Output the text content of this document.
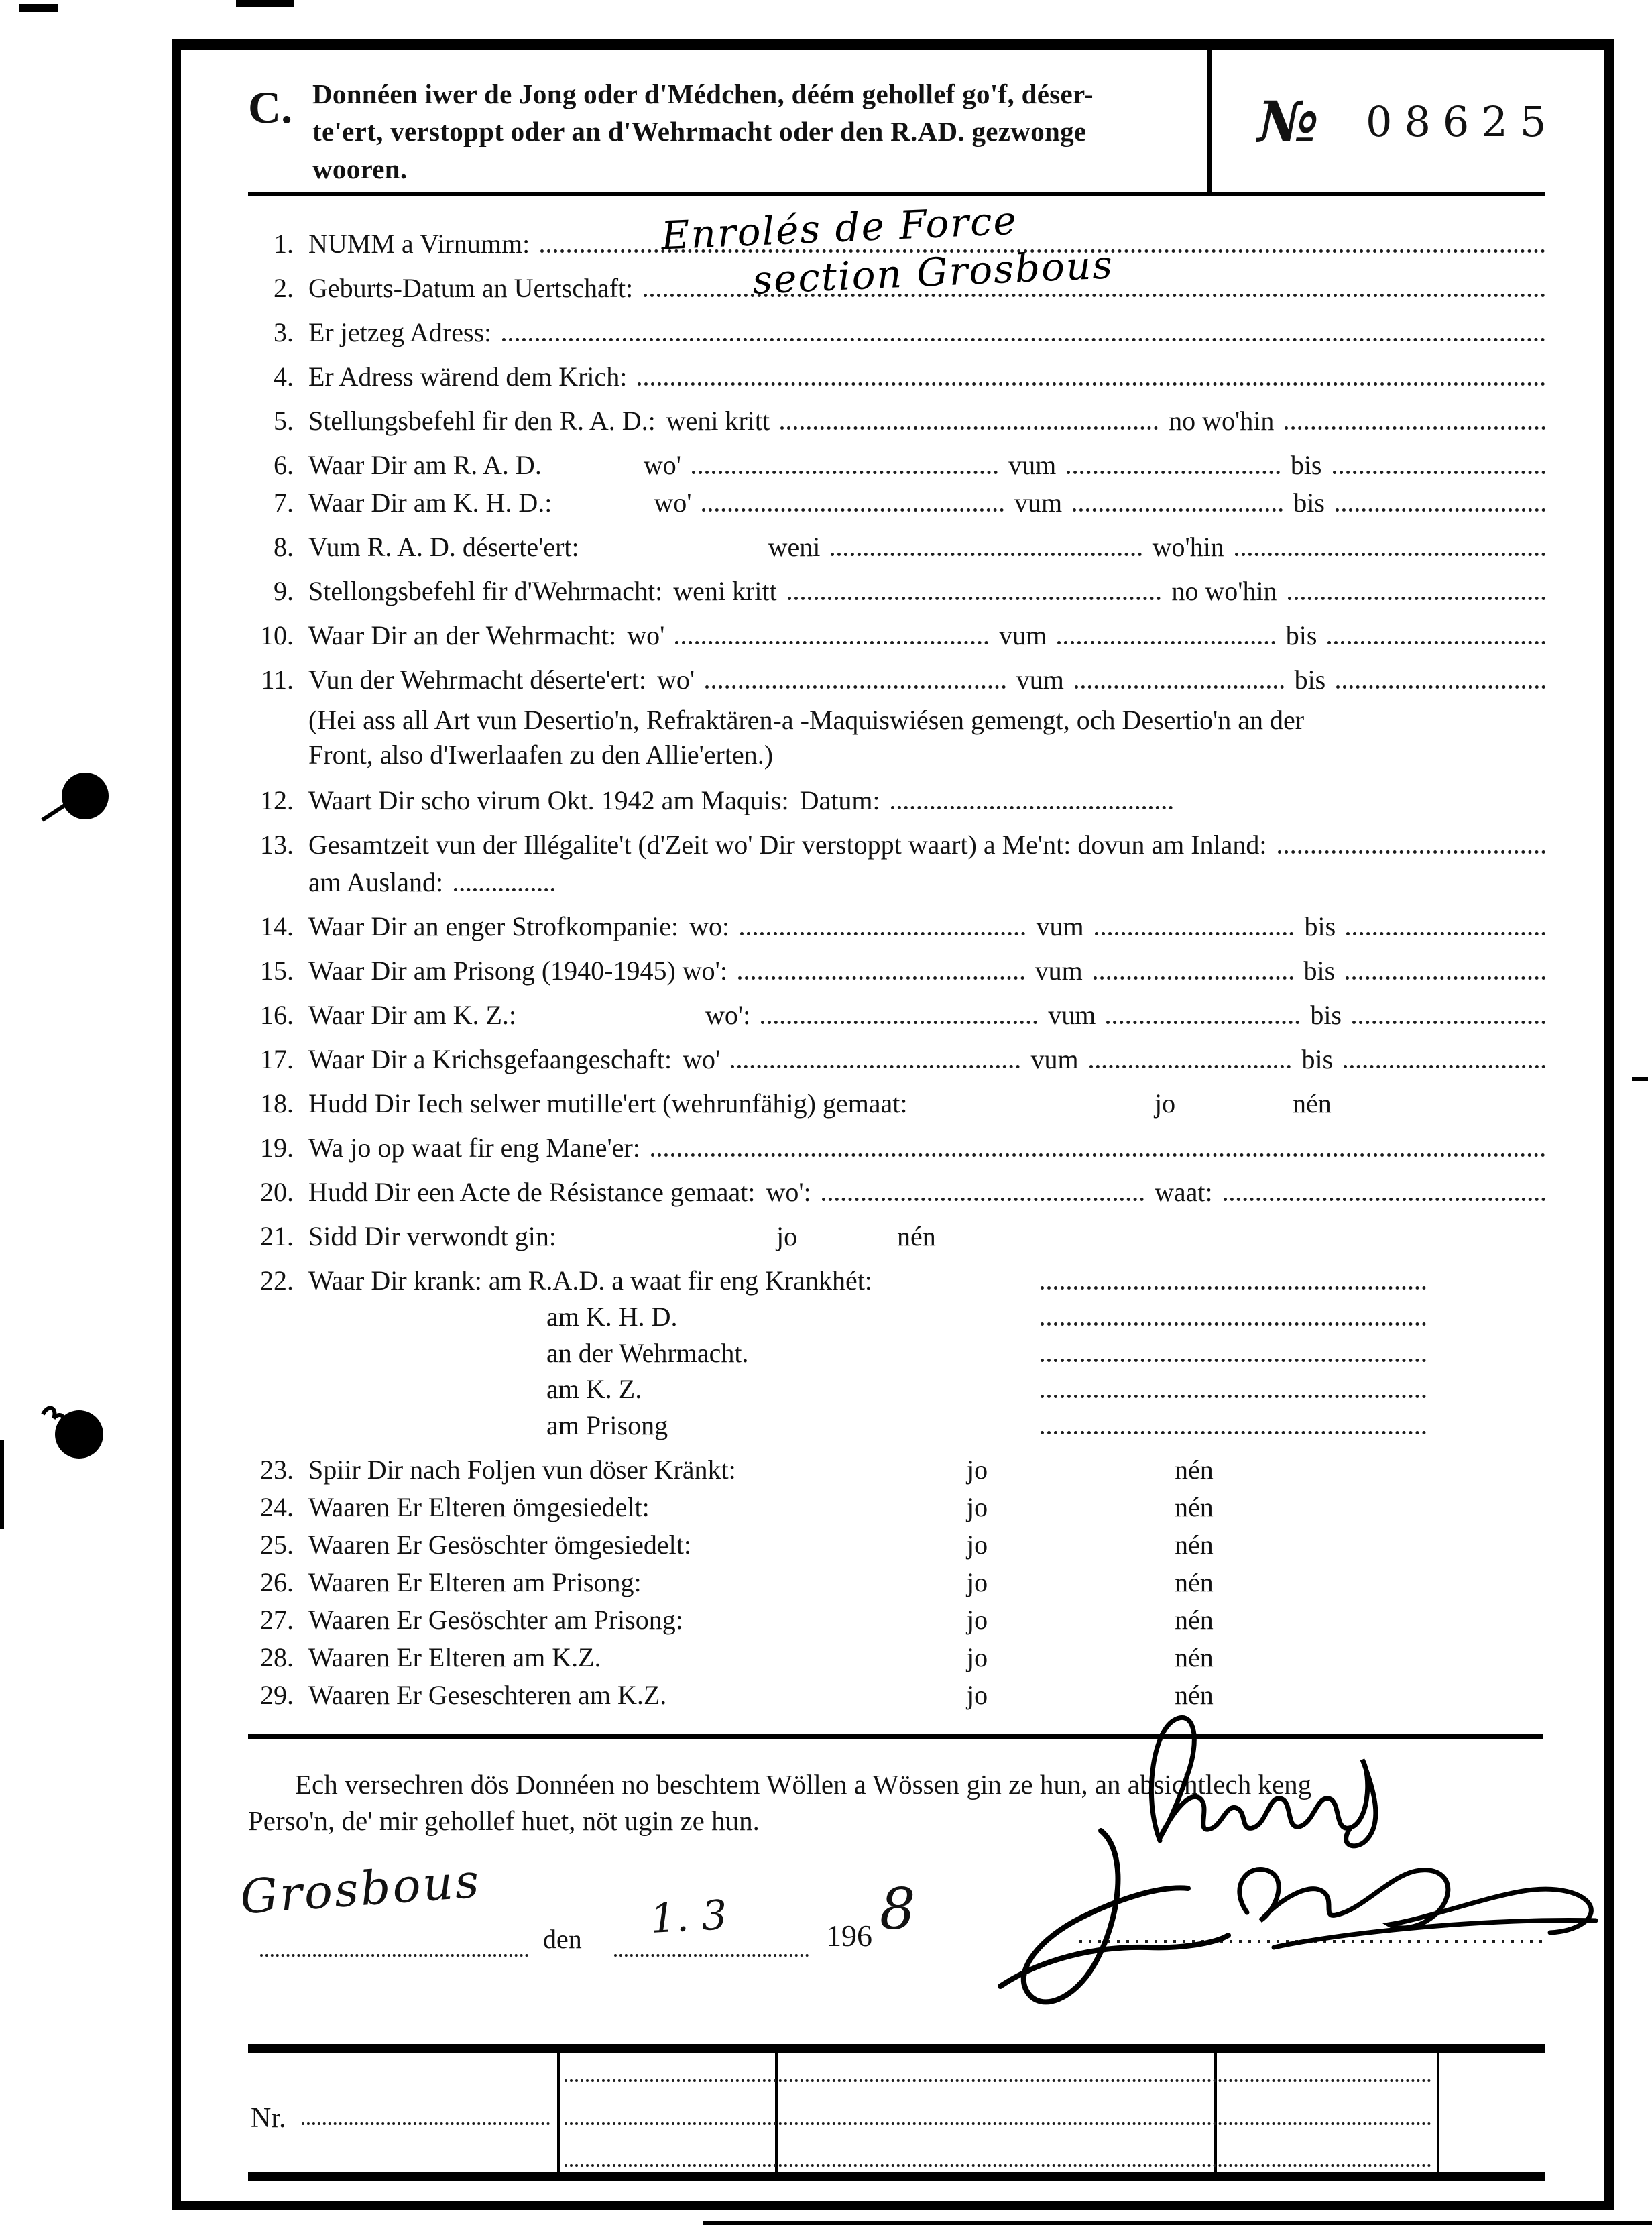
C. Donnéen iwer de Jong oder d'Médchen, déém gehollef go'f, déser-
te'ert, verstoppt oder an d'Wehrmacht oder den R.AD. gezwonge
wooren.
№ 08625
1. NUMM a Virnumm:	Enrolés de Force
2. Geburts-Datum an Uertschaft:	section Grosbous
3. Er jetzeg Adress:
4. Er Adress wärend dem Krich:
5. Stellungsbefehl fir den R. A. D.: weni kritt	no wo'hin
6. Waar Dir am R. A. D.	wo'	vum	bis
7. Waar Dir am K. H. D.:	wo'	vum	bis
8. Vum R. A. D. déserte'ert:	weni	wo'hin
9. Stellongsbefehl fir d'Wehrmacht: weni kritt	no wo'hin
10. Waar Dir an der Wehrmacht: wo'	vum	bis
11. Vun der Wehrmacht déserte'ert: wo'	vum	bis
(Hei ass all Art vun Desertio'n, Refraktären-a -Maquiswiésen gemengt, och Desertio'n an der
Front, also d'Iwerlaafen zu den Allie'erten.)
12. Waart Dir scho virum Okt. 1942 am Maquis: Datum:
13. Gesamtzeit vun der Illégalite't (d'Zeit wo' Dir verstoppt waart) a Me'nt: dovun am Inland:
am Ausland:
14. Waar Dir an enger Strofkompanie: wo:	vum	bis
15. Waar Dir am Prisong (1940-1945) wo':	vum	bis
16. Waar Dir am K. Z.:	wo':	vum	bis
17. Waar Dir a Krichsgefaangeschaft: wo'	vum	bis
18. Hudd Dir Iech selwer mutille'ert (wehrunfähig) gemaat:	jo	nén
19. Wa jo op waat fir eng Mane'er:
20. Hudd Dir een Acte de Résistance gemaat: wo':	waat:
21. Sidd Dir verwondt gin:	jo	nén
22. Waar Dir krank: am R.A.D. a waat fir eng Krankhét:
am K. H. D.
an der Wehrmacht.
am K. Z.
am Prisong
23. Spiir Dir nach Foljen vun döser Kränkt:	jo	nén
24. Waaren Er Elteren ömgesiedelt:	jo	nén
25. Waaren Er Gesöschter ömgesiedelt:	jo	nén
26. Waaren Er Elteren am Prisong:	jo	nén
27. Waaren Er Gesöschter am Prisong:	jo	nén
28. Waaren Er Elteren am K.Z.	jo	nén
29. Waaren Er Geseschteren am K.Z.	jo	nén
Ech versechren dös Donnéen no beschtem Wöllen a Wössen gin ze hun, an absichtlech keng
Perso'n, de' mir gehollef huet, nöt ugin ze hun.
Grosbous
den 1. 3	196 8
Nr.
